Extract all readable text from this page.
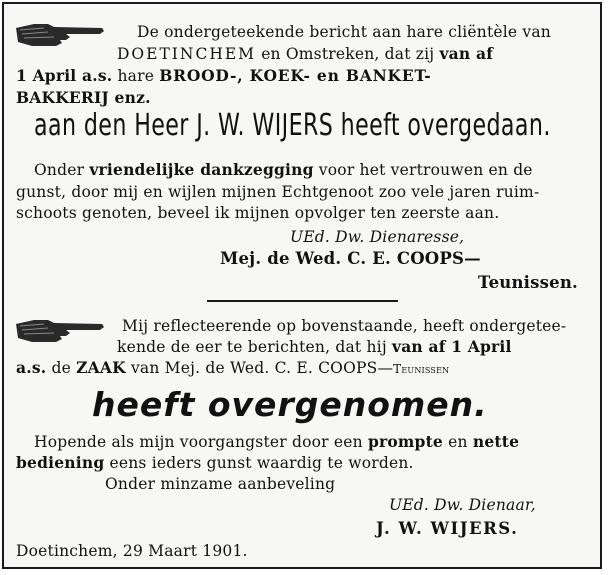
De ondergeteekende bericht aan hare cliëntèle van
DOETINCHEM en Omstreken, dat zij van af
1 April a.s. hare BROOD-, KOEK- en BANKET-
BAKKERIJ enz.
aan den Heer J. W. WIJERS heeft overgedaan.
Onder vriendelijke dankzegging voor het vertrouwen en de
gunst, door mij en wijlen mijnen Echtgenoot zoo vele jaren ruim-
schoots genoten, beveel ik mijnen opvolger ten zeerste aan.
UEd. Dw. Dienaresse,
Mej. de Wed. C. E. COOPS—
Teunissen.
Mij reflecteerende op bovenstaande, heeft ondergetee-
kende de eer te berichten, dat hij van af 1 April
a.s. de ZAAK van Mej. de Wed. C. E. COOPS—Teunissen
heeft overgenomen.
Hopende als mijn voorgangster door een prompte en nette
bediening eens ieders gunst waardig te worden.
Onder minzame aanbeveling
UEd. Dw. Dienaar,
J. W. WIJERS.
Doetinchem, 29 Maart 1901.
